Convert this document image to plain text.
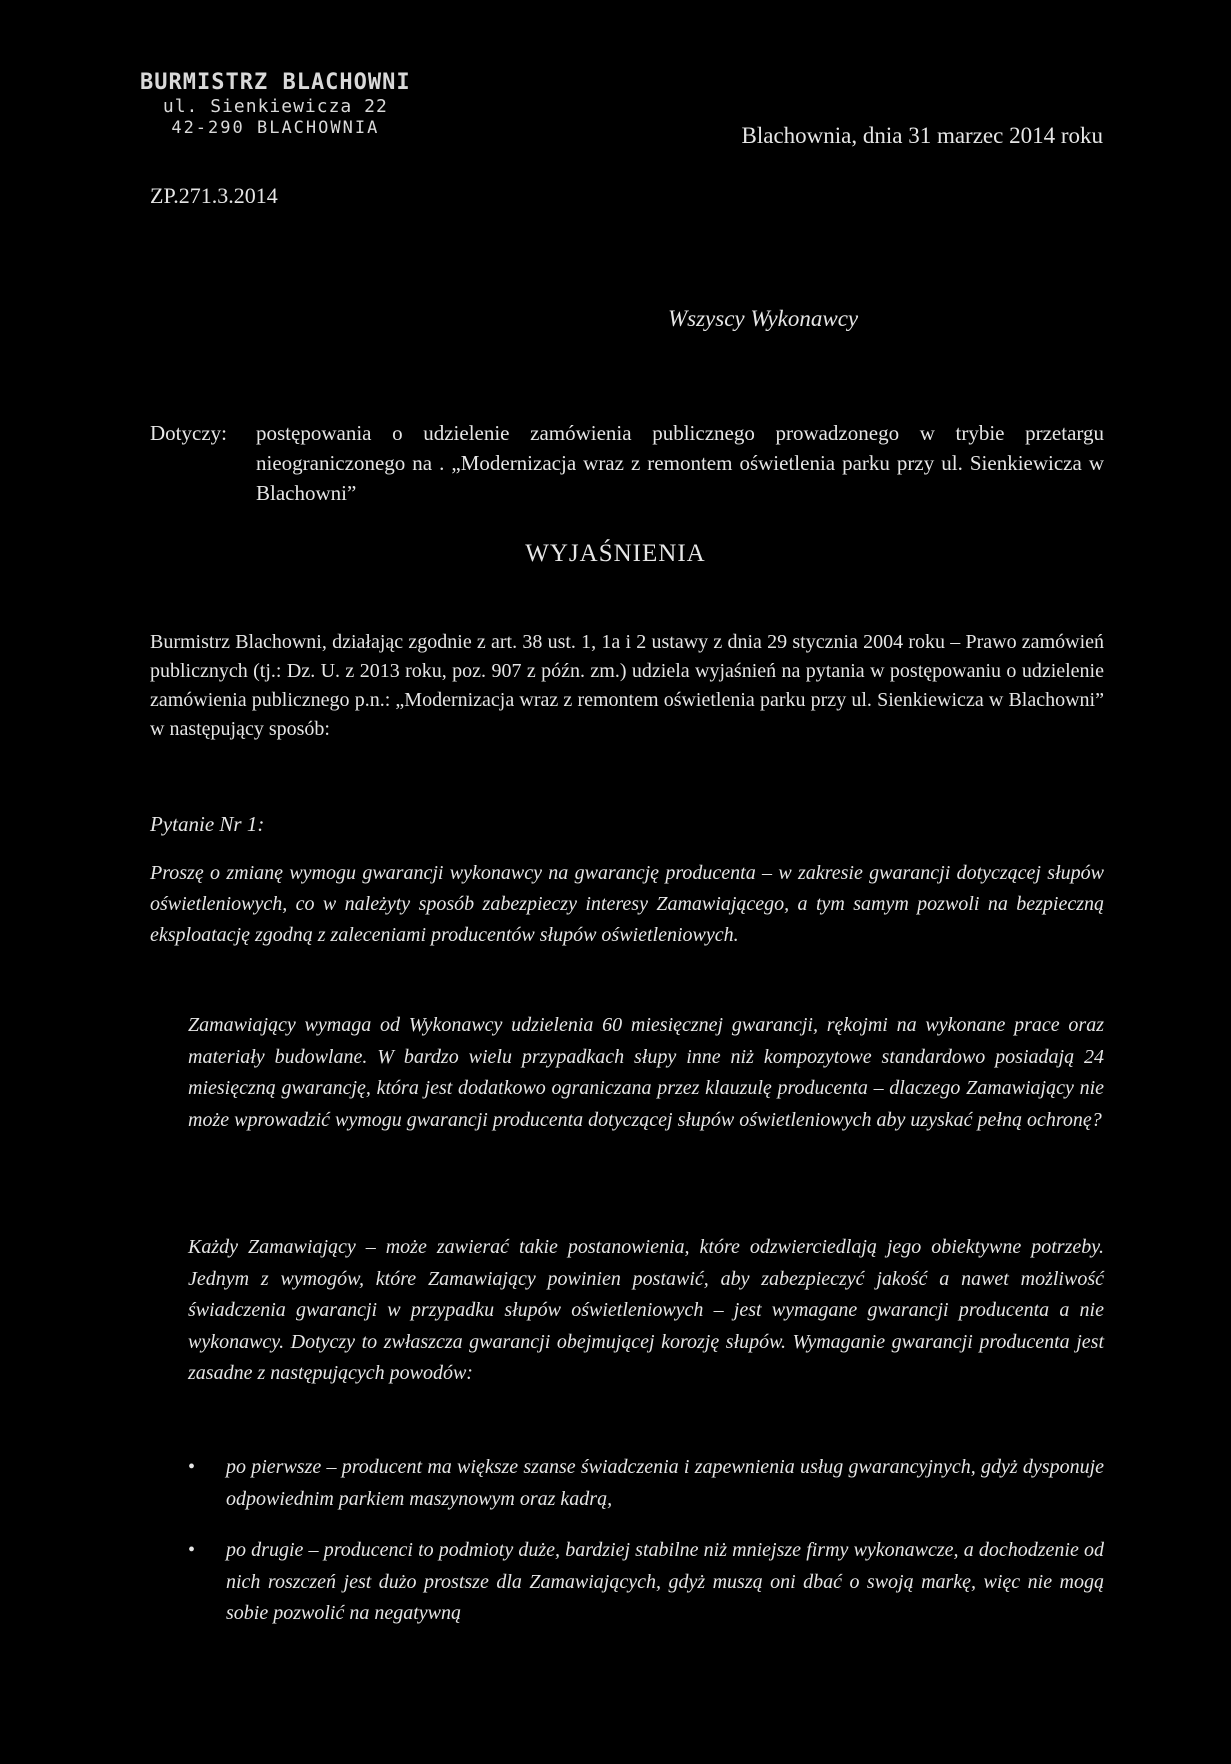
BURMISTRZ BLACHOWNI
ul. Sienkiewicza 22
42-290 BLACHOWNIA	Blachownia, dnia 31 marzec 2014 roku
ZP.271.3.2014
Wszyscy Wykonawcy
Dotyczy:	postępowania o udzielenie zamówienia publicznego prowadzonego w trybie przetargu nieograniczonego na . „Modernizacja wraz z remontem oświetlenia parku przy ul. Sienkiewicza w Blachowni”
WYJAŚNIENIA
Burmistrz Blachowni, działając zgodnie z art. 38 ust. 1, 1a i 2 ustawy z dnia 29 stycznia 2004 roku – Prawo zamówień publicznych (tj.: Dz. U. z 2013 roku, poz. 907 z późn. zm.) udziela wyjaśnień na pytania w postępowaniu o udzielenie zamówienia publicznego p.n.: „Modernizacja wraz z remontem oświetlenia parku przy ul. Sienkiewicza w Blachowni” w następujący sposób:
Pytanie Nr 1:
Proszę o zmianę wymogu gwarancji wykonawcy na gwarancję producenta – w zakresie gwarancji dotyczącej słupów oświetleniowych, co w należyty sposób zabezpieczy interesy Zamawiającego, a tym samym pozwoli na bezpieczną eksploatację zgodną z zaleceniami producentów słupów oświetleniowych.
Zamawiający wymaga od Wykonawcy udzielenia 60 miesięcznej gwarancji, rękojmi na wykonane prace oraz materiały budowlane. W bardzo wielu przypadkach słupy inne niż kompozytowe standardowo posiadają 24 miesięczną gwarancję, która jest dodatkowo ograniczana przez klauzulę producenta – dlaczego Zamawiający nie może wprowadzić wymogu gwarancji producenta dotyczącej słupów oświetleniowych aby uzyskać pełną ochronę?
Każdy Zamawiający – może zawierać takie postanowienia, które odzwierciedlają jego obiektywne potrzeby. Jednym z wymogów, które Zamawiający powinien postawić, aby zabezpieczyć jakość a nawet możliwość świadczenia gwarancji w przypadku słupów oświetleniowych – jest wymagane gwarancji producenta a nie wykonawcy. Dotyczy to zwłaszcza gwarancji obejmującej korozję słupów. Wymaganie gwarancji producenta jest zasadne z następujących powodów:
• po pierwsze – producent ma większe szanse świadczenia i zapewnienia usług gwarancyjnych, gdyż dysponuje odpowiednim parkiem maszynowym oraz kadrą,
• po drugie – producenci to podmioty duże, bardziej stabilne niż mniejsze firmy wykonawcze, a dochodzenie od nich roszczeń jest dużo prostsze dla Zamawiających, gdyż muszą oni dbać o swoją markę, więc nie mogą sobie pozwolić na negatywną
